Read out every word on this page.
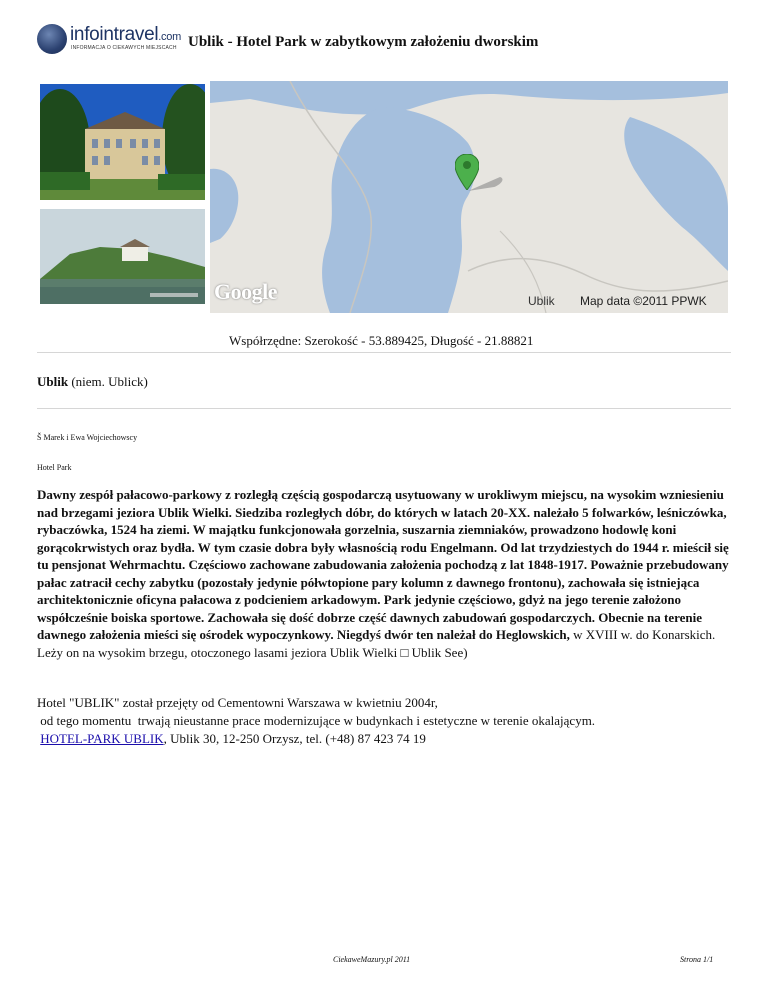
infointravel.com
INFORMACJA O CIEKAWYCH MIEJSCACH Ublik - Hotel Park w zabytkowym założeniu dworskim
Google	Ublik Map data ©2011 PPWK
Współrzędne: Szerokość - 53.889425, Długość - 21.88821
Ublik (niem. Ublick)
Š Marek i Ewa Wojciechowscy
Hotel Park
Dawny zespół pałacowo-parkowy z rozległą częścią gospodarczą usytuowany w urokliwym miejscu, na wysokim wzniesieniu nad brzegami jeziora Ublik Wielki. Siedziba rozległych dóbr, do których w latach 20-XX. należało 5 folwarków, leśniczówka, rybaczówka, 1524 ha ziemi. W majątku funkcjonowała gorzelnia, suszarnia ziemniaków, prowadzono hodowlę koni gorącokrwistych oraz bydła. W tym czasie dobra były własnością rodu Engelmann. Od lat trzydziestych do 1944 r. mieścił się tu pensjonat Wehrmachtu. Częściowo zachowane zabudowania założenia pochodzą z lat 1848-1917. Poważnie przebudowany pałac zatracił cechy zabytku (pozostały jedynie półwtopione pary kolumn z dawnego frontonu), zachowała się istniejąca architektonicznie oficyna pałacowa z podcieniem arkadowym. Park jedynie częściowo, gdyż na jego terenie założono współcześnie boiska sportowe. Zachowała się dość dobrze część dawnych zabudowań gospodarczych. Obecnie na terenie dawnego założenia mieści się ośrodek wypoczynkowy. Niegdyś dwór ten należał do Heglowskich, w XVIII w. do Konarskich. Leży on na wysokim brzegu, otoczonego lasami jeziora Ublik Wielki □ Ublik See)
Hotel "UBLIK" został przejęty od Cementowni Warszawa w kwietniu 2004r,
od tego momentu  trwają nieustanne prace modernizujące w budynkach i estetyczne w terenie okalającym.
HOTEL-PARK UBLIK, Ublik 30, 12-250 Orzysz, tel. (+48) 87 423 74 19
CiekaweMazury.pl 2011	Strona 1/1
